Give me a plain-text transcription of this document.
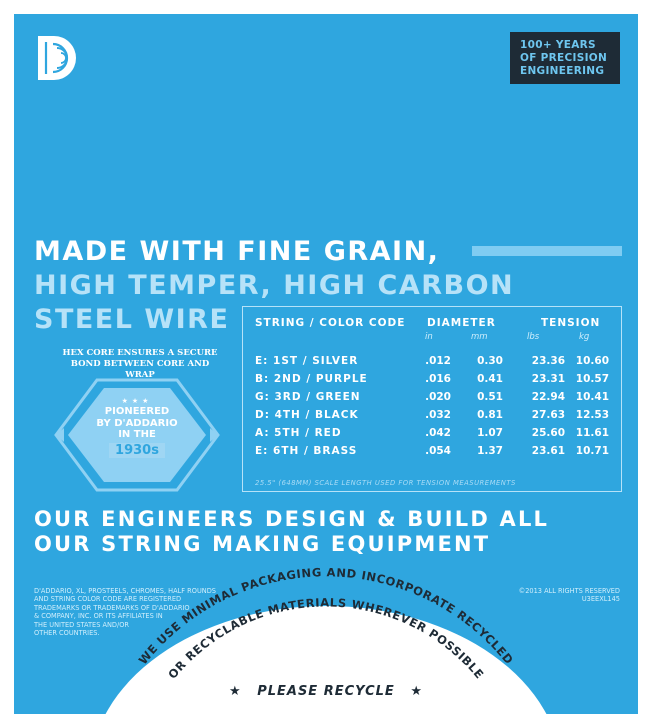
100+ YEARS
OF PRECISION
ENGINEERING
MADE WITH FINE GRAIN,
HIGH TEMPER, HIGH CARBON
STEEL WIRE
HEX CORE ENSURES A SECURE BOND BETWEEN CORE AND WRAP
★★★
PIONEERED
BY D'ADDARIO
IN THE
1930s
STRING / COLOR CODE DIAMETER	TENSION
in	mm	lbs	kg
E: 1ST / SILVER	.012 0.30	23.36 10.60
B: 2ND / PURPLE	.016 0.41	23.31 10.57
G: 3RD / GREEN	.020 0.51	22.94 10.41
D: 4TH / BLACK	.032 0.81	27.63 12.53
A: 5TH / RED	.042 1.07	25.60 11.61
E: 6TH / BRASS	.054 1.37	23.61 10.71
25.5" (648MM) SCALE LENGTH USED FOR TENSION MEASUREMENTS
OUR ENGINEERS DESIGN & BUILD ALL
OUR STRING MAKING EQUIPMENT
D'ADDARIO, XL, PROSTEELS, CHROMES, HALF ROUNDS
AND STRING COLOR CODE ARE REGISTERED
TRADEMARKS OR TRADEMARKS OF D'ADDARIO
& COMPANY, INC. OR ITS AFFILIATES IN
THE UNITED STATES AND/OR
OTHER COUNTRIES.
©2013 ALL RIGHTS RESERVED
U3EEXL145
WE USE MINIMAL PACKAGING AND INCORPORATE RECYCLED
OR RECYCLABLE MATERIALS WHEREVER POSSIBLE
★ PLEASE RECYCLE ★
